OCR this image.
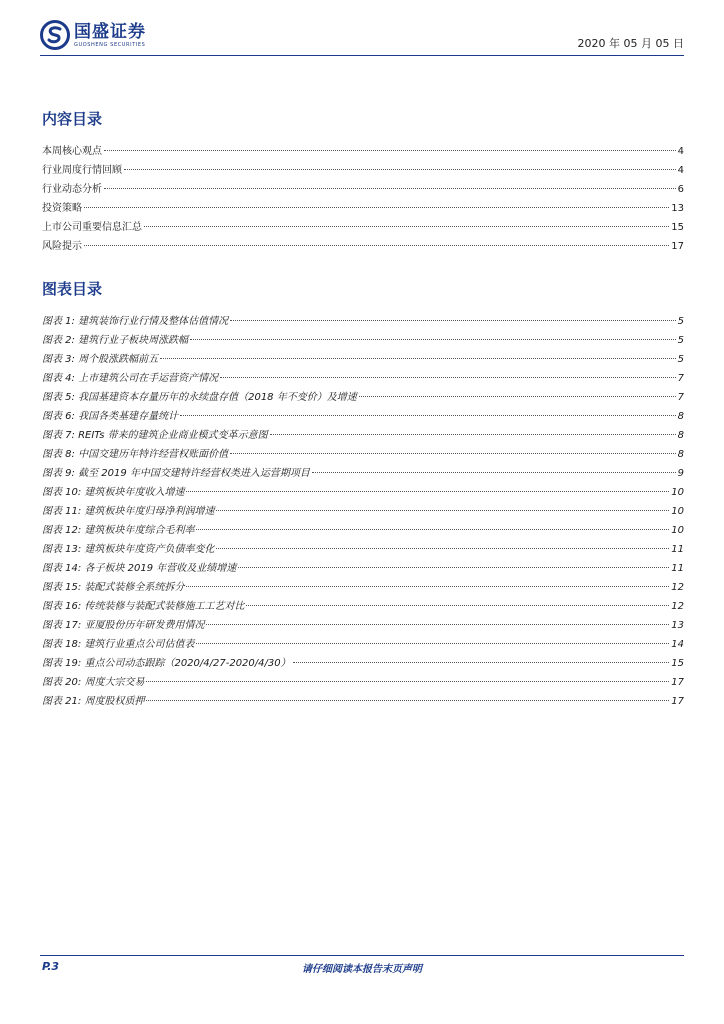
国盛证券
GUOSHENG SECURITIES	2020 年 05 月 05 日
内容目录
本周核心观点	4
行业周度行情回顾	4
行业动态分析	6
投资策略	13
上市公司重要信息汇总	15
风险提示	17
图表目录
图表 1: 建筑装饰行业行情及整体估值情况	5
图表 2: 建筑行业子板块周涨跌幅	5
图表 3: 周个股涨跌幅前五	5
图表 4: 上市建筑公司在手运营资产情况	7
图表 5: 我国基建资本存量历年的永续盘存值（2018 年不变价）及增速	7
图表 6: 我国各类基建存量统计	8
图表 7: REITs 带来的建筑企业商业模式变革示意图	8
图表 8: 中国交建历年特许经营权账面价值	8
图表 9: 截至 2019 年中国交建特许经营权类进入运营期项目	9
图表 10: 建筑板块年度收入增速	10
图表 11: 建筑板块年度归母净利润增速	10
图表 12: 建筑板块年度综合毛利率	10
图表 13: 建筑板块年度资产负债率变化	11
图表 14: 各子板块 2019 年营收及业绩增速	11
图表 15: 装配式装修全系统拆分	12
图表 16: 传统装修与装配式装修施工工艺对比	12
图表 17: 亚厦股份历年研发费用情况	13
图表 18: 建筑行业重点公司估值表	14
图表 19: 重点公司动态跟踪（2020/4/27-2020/4/30）	15
图表 20: 周度大宗交易	17
图表 21: 周度股权质押	17
P.3	请仔细阅读本报告末页声明
